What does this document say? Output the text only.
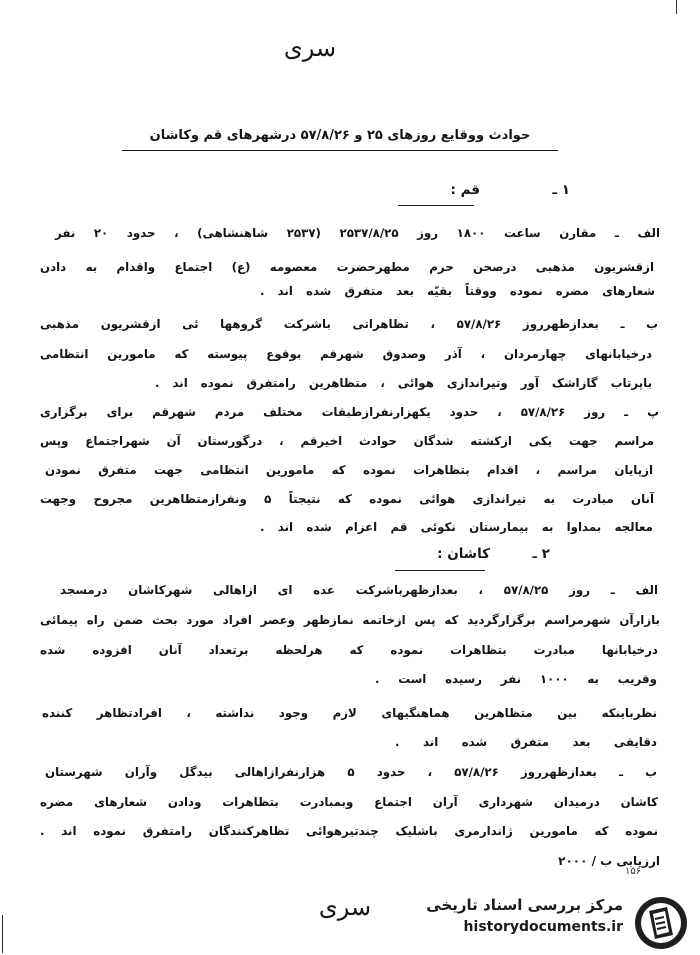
سری
حوادث ووقایع روزهای ۲۵ و ۵۷/۸/۲۶ درشهرهای قم وکاشان
۱ ـ
قم :
الف ـ مقارن ساعت ۱۸۰۰ روز ۲۵۳۷/۸/۲۵ (۲۵۳۷ شاهنشاهی) ، حدود ۲۰ نفر
ازقشریون مذهبی درصحن حرم مطهرحضرت معصومه (ع) اجتماع واقدام به دادن
شعارهای مضره نموده ووقتاً بقیّه بعد متفرق شده اند .
ب ـ بعدازظهرروز ۵۷/۸/۲۶ ، تظاهراتی باشرکت گروهها ئی ازقشریون مذهبی
درخیابانهای چهارمردان ، آذر وصدوق شهرقم بوقوع پیوسته که مامورین انتظامی
باپرتاب گازاشک آور وتیراندازی هوائی ، متظاهرین رامتفرق نموده اند .
پ ـ روز ۵۷/۸/۲۶ ، حدود یکهزارنفرازطبقات مختلف مردم شهرقم برای برگزاری
مراسم جهت یکی ازکشته شدگان حوادث اخیرقم ، درگورستان آن شهراجتماع وپس
ازپایان مراسم ، اقدام بتظاهرات نموده که مامورین انتظامی جهت متفرق نمودن
آنان مبادرت به تیراندازی هوائی نموده که نتیجتاً ۵ ونفرازمتظاهرین مجروح وجهت
معالجه بمداوا به بیمارستان نکوئی قم اعزام شده اند .
۲ ـ
کاشان :
الف ـ روز ۵۷/۸/۲۵ ، بعدازظهرباشرکت عده ای ازاهالی شهرکاشان درمسجد
بازارآن شهرمراسم برگزارگردید که پس ازخاتمه نمازظهر وعصر افراد مورد بحث ضمن راه پیمائی
درخیابانها مبادرت بتظاهرات نموده که هرلحظه برتعداد آنان افزوده شده
وقریب به ۱۰۰۰ نفر رسیده است .
نظرباینکه بین متظاهرین هماهنگیهای لازم وجود نداشته ، افرادتظاهر کننده
دقایقی بعد متفرق شده اند .
ب ـ بعدازظهرروز ۵۷/۸/۲۶ ، حدود ۵ هزارنفرازاهالی بیدگل وآران شهرستان
کاشان درمیدان شهرداری آران اجتماع وبمبادرت بتظاهرات ودادن شعارهای مضره
نموده که مامورین ژاندارمری باشلیک چندتیرهوائی تظاهرکنندگان رامتفرق نموده اند .
ارزیابی ب / ۲۰۰۰
۱۵۶
سری	مرکز بررسی اسناد تاریخی
historydocuments.ir
